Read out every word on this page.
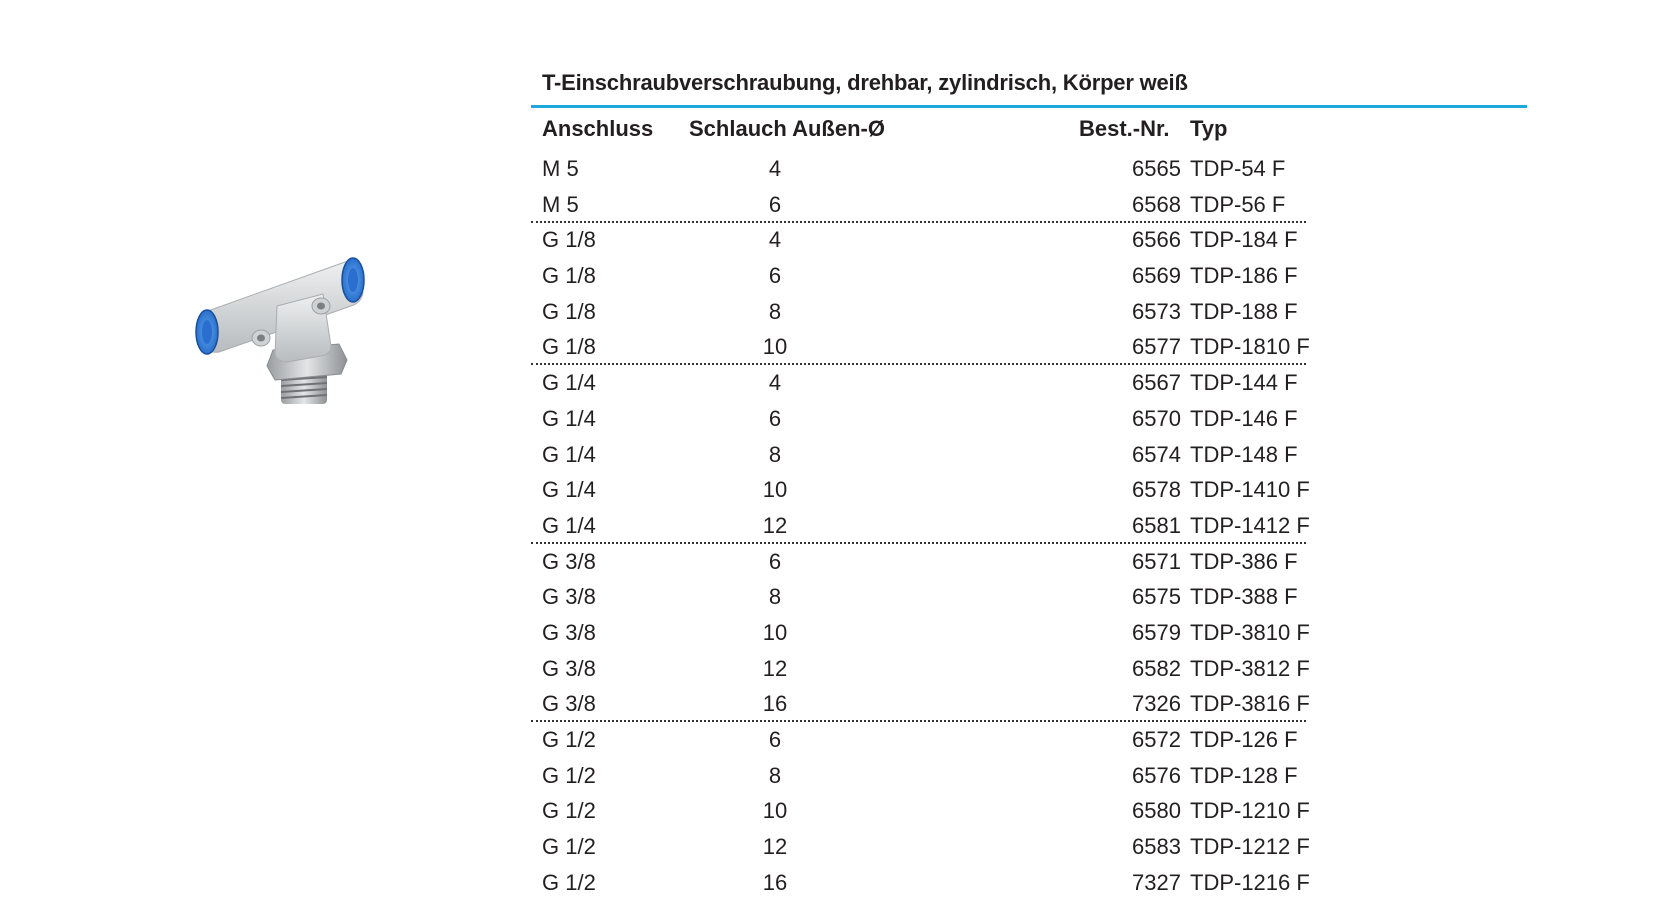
T-Einschraubverschraubung, drehbar, zylindrisch, Körper weiß
Anschluss Schlauch Außen-Ø	Best.-Nr. Typ
M 5	4	6565 TDP-54 F
M 5	6	6568 TDP-56 F
G 1/8	4	6566 TDP-184 F
G 1/8	6	6569 TDP-186 F
G 1/8	8	6573 TDP-188 F
G 1/8	10	6577 TDP-1810 F
G 1/4	4	6567 TDP-144 F
G 1/4	6	6570 TDP-146 F
G 1/4	8	6574 TDP-148 F
G 1/4	10	6578 TDP-1410 F
G 1/4	12	6581 TDP-1412 F
G 3/8	6	6571 TDP-386 F
G 3/8	8	6575 TDP-388 F
G 3/8	10	6579 TDP-3810 F
G 3/8	12	6582 TDP-3812 F
G 3/8	16	7326 TDP-3816 F
G 1/2	6	6572 TDP-126 F
G 1/2	8	6576 TDP-128 F
G 1/2	10	6580 TDP-1210 F
G 1/2	12	6583 TDP-1212 F
G 1/2	16	7327 TDP-1216 F
